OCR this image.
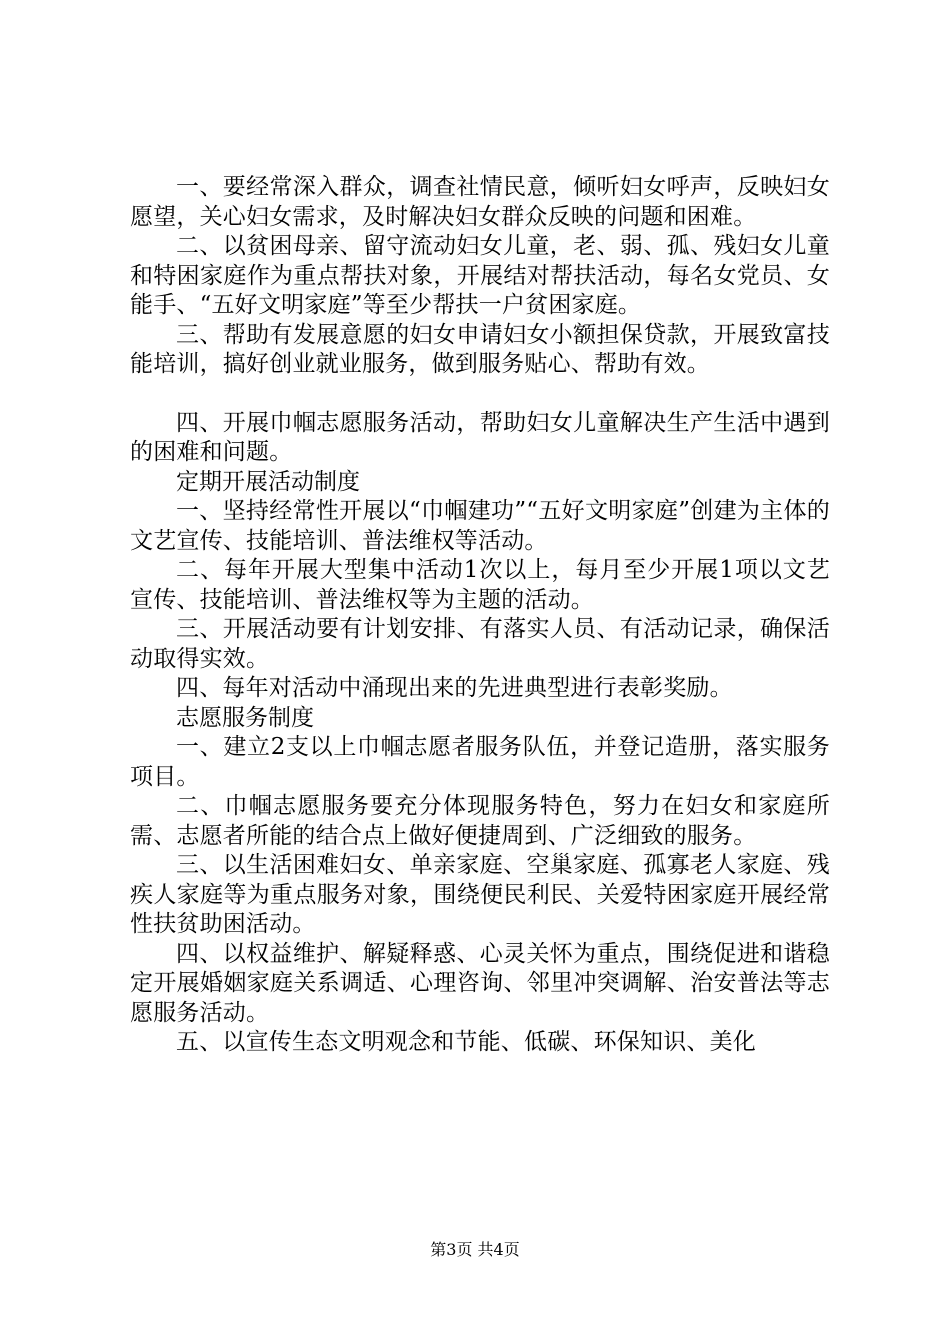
一、要经常深入群众，调查社情民意，倾听妇女呼声，反映妇女愿望，关心妇女需求，及时解决妇女群众反映的问题和困难。

二、以贫困母亲、留守流动妇女儿童，老、弱、孤、残妇女儿童和特困家庭作为重点帮扶对象，开展结对帮扶活动，每名女党员、女能手、“五好文明家庭”等至少帮扶一户贫困家庭。

三、帮助有发展意愿的妇女申请妇女小额担保贷款，开展致富技能培训，搞好创业就业服务，做到服务贴心、帮助有效。

四、开展巾帼志愿服务活动，帮助妇女儿童解决生产生活中遇到的困难和问题。

定期开展活动制度

一、坚持经常性开展以“巾帼建功”“五好文明家庭”创建为主体的文艺宣传、技能培训、普法维权等活动。

二、每年开展大型集中活动1次以上，每月至少开展1项以文艺宣传、技能培训、普法维权等为主题的活动。

三、开展活动要有计划安排、有落实人员、有活动记录，确保活动取得实效。

四、每年对活动中涌现出来的先进典型进行表彰奖励。

志愿服务制度

一、建立2支以上巾帼志愿者服务队伍，并登记造册，落实服务项目。

二、巾帼志愿服务要充分体现服务特色，努力在妇女和家庭所需、志愿者所能的结合点上做好便捷周到、广泛细致的服务。

三、以生活困难妇女、单亲家庭、空巢家庭、孤寡老人家庭、残疾人家庭等为重点服务对象，围绕便民利民、关爱特困家庭开展经常性扶贫助困活动。

四、以权益维护、解疑释惑、心灵关怀为重点，围绕促进和谐稳定开展婚姻家庭关系调适、心理咨询、邻里冲突调解、治安普法等志愿服务活动。

五、以宣传生态文明观念和节能、低碳、环保知识、美化

第3页 共4页
